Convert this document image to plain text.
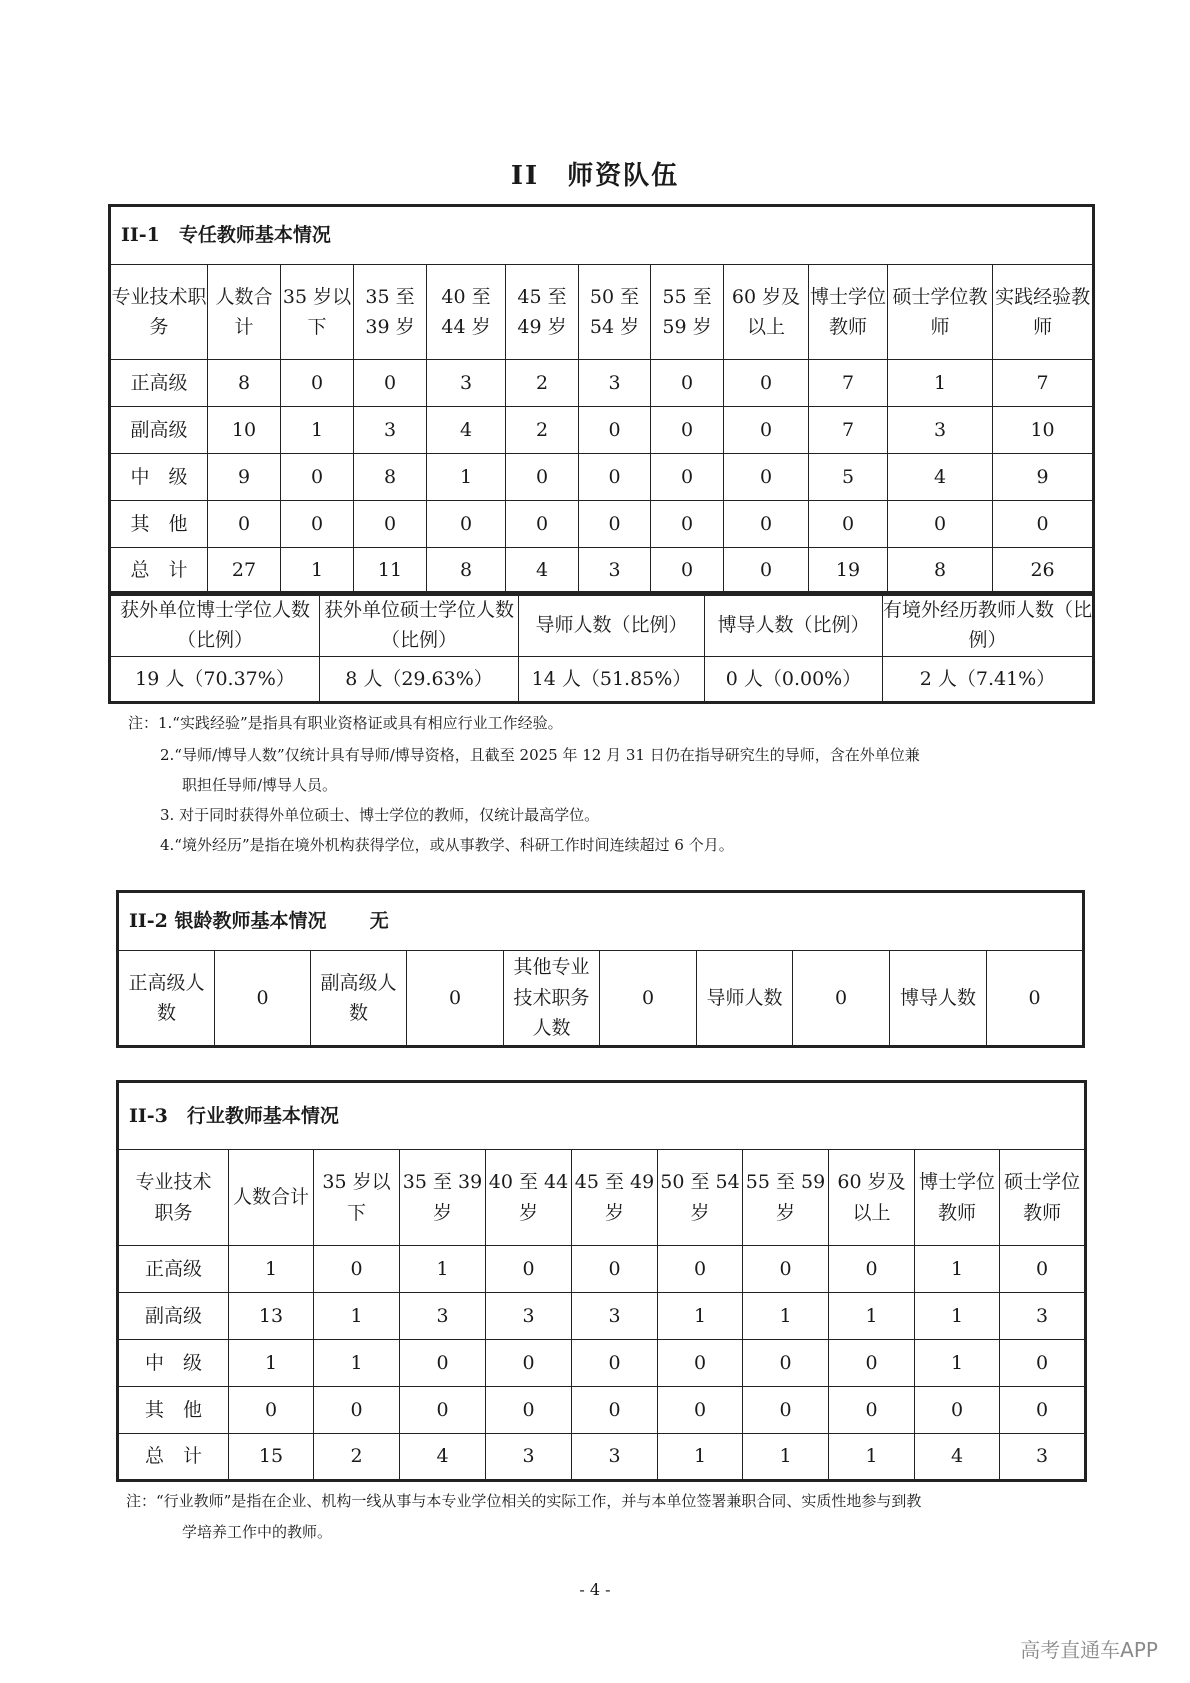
II　师资队伍
II-1　专任教师基本情况											
专业技术职务	人数合计	35 岁以下	35 至 39 岁	40 至 44 岁	45 至 49 岁	50 至 54 岁	55 至 59 岁	60 岁及以上	博士学位教师	硕士学位教师	实践经验教师
正高级	8	0	0	3	2	3	0	0	7	1	7
副高级	10	1	3	4	2	0	0	0	7	3	10
中　级	9	0	8	1	0	0	0	0	5	4	9
其　他	0	0	0	0	0	0	0	0	0	0	0
总　计	27	1	11	8	4	3	0	0	19	8	26
获外单位博士学位人数（比例）	获外单位硕士学位人数（比例）	导师人数（比例）	博导人数（比例）	有境外经历教师人数（比例）
19 人（70.37%）	8 人（29.63%）	14 人（51.85%）	0 人（0.00%）	2 人（7.41%）
注：1.“实践经验”是指具有职业资格证或具有相应行业工作经验。
2.“导师/博导人数”仅统计具有导师/博导资格，且截至 2025 年 12 月 31 日仍在指导研究生的导师，含在外单位兼
职担任导师/博导人员。
3. 对于同时获得外单位硕士、博士学位的教师，仅统计最高学位。
4.“境外经历”是指在境外机构获得学位，或从事教学、科研工作时间连续超过 6 个月。
II-2 银龄教师基本情况 无
正高级人数	0	副高级人数	0	其他专业技术职务人数	0	导师人数	0	博导人数	0
II-3　行业教师基本情况										
专业技术职务	人数合计	35 岁以下	35 至 39 岁	40 至 44 岁	45 至 49 岁	50 至 54 岁	55 至 59 岁	60 岁及以上	博士学位教师	硕士学位教师
正高级	1	0	1	0	0	0	0	0	1	0
副高级	13	1	3	3	3	1	1	1	1	3
中　级	1	1	0	0	0	0	0	0	1	0
其　他	0	0	0	0	0	0	0	0	0	0
总　计	15	2	4	3	3	1	1	1	4	3
注：“行业教师”是指在企业、机构一线从事与本专业学位相关的实际工作，并与本单位签署兼职合同、实质性地参与到教
学培养工作中的教师。
- 4 -
高考直通车APP
